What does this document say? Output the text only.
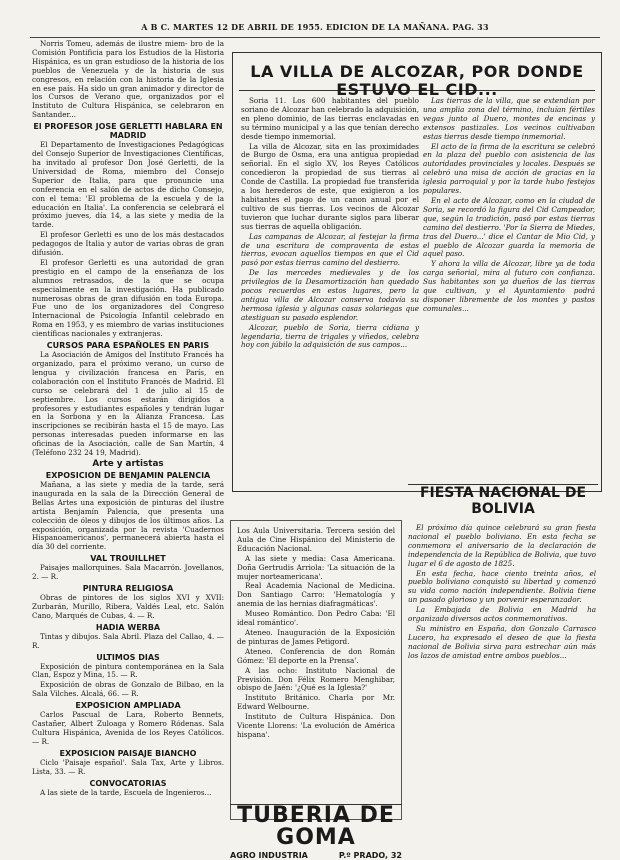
A B C. MARTES 12 DE ABRIL DE 1955. EDICION DE LA MAÑANA. PAG. 33

Norris Tomeu, además de ilustre miem- bro de la Comisión Pontificia para los Estudios de la Historia Hispánica, es un gran estudioso de la historia de los pueblos de Venezuela y de la historia de sus congresos, en relación con la historia de la Iglesia en ese país. Ha sido un gran animador y director de los Cursos de Verano que, organizados por el Instituto de Cultura Hispánica, se celebraron en Santander...

El PROFESOR JOSE GERLETTI HABLARA EN MADRID

El Departamento de Investigaciones Pedagógicas del Consejo Superior de Investigaciones Científicas, ha invitado al profesor Don José Gerletti, de la Universidad de Roma, miembro del Consejo Superior de Italia, para que pronuncie una conferencia en el salón de actos de dicho Consejo, con el tema: 'El problema de la escuela y de la educación en Italia'. La conferencia se celebrará el próximo jueves, día 14, a las siete y media de la tarde.

El profesor Gerletti es uno de los más destacados pedagogos de Italia y autor de varias obras de gran difusión.

El profesor Gerletti es una autoridad de gran prestigio en el campo de la enseñanza de los alumnos retrasados, de la que se ocupa especialmente en la investigación. Ha publicado numerosas obras de gran difusión en toda Europa. Fue uno de los organizadores del Congreso Internacional de Psicología Infantil celebrado en Roma en 1953, y es miembro de varias instituciones científicas nacionales y extranjeras.

CURSOS PARA ESPAÑOLES EN PARIS

La Asociación de Amigos del Instituto Francés ha organizado, para el próximo verano, un curso de lengua y civilización francesa en París, en colaboración con el Instituto Francés de Madrid. El curso se celebrará del 1 de julio al 15 de septiembre. Los cursos estarán dirigidos a profesores y estudiantes españoles y tendrán lugar en la Sorbona y en la Alianza Francesa. Las inscripciones se recibirán hasta el 15 de mayo. Las personas interesadas pueden informarse en las oficinas de la Asociación, calle de San Martín, 4 (Teléfono 232 24 19, Madrid).

Arte y artistas
EXPOSICION DE BENJAMIN PALENCIA

Mañana, a las siete y media de la tarde, será inaugurada en la sala de la Dirección General de Bellas Artes una exposición de pinturas del ilustre artista Benjamín Palencia, que presenta una colección de óleos y dibujos de los últimos años. La exposición, organizada por la revista 'Cuadernos Hispanoamericanos', permanecerá abierta hasta el día 30 del corriente.

VAL TROUILLHET

Paisajes mallorquines. Sala Macarrón. Jovellanos, 2. — R.

PINTURA RELIGIOSA

Obras de pintores de los siglos XVI y XVII: Zurbarán, Murillo, Ribera, Valdés Leal, etc. Salón Cano, Marqués de Cubas, 4. — R.

HADIA WERBA

Tintas y dibujos. Sala Abril. Plaza del Callao, 4. — R.

ULTIMOS DIAS

Exposición de pintura contemporánea en la Sala Clan, Espoz y Mina, 15. — R.

Exposición de obras de Gonzalo de Bilbao, en la Sala Vilches. Alcalá, 66. — R.

EXPOSICION AMPLIADA

Carlos Pascual de Lara, Roberto Bennets, Castañer, Albert Zuloaga y Romero Ródenas. Sala Cultura Hispánica, Avenida de los Reyes Católicos. — R.

EXPOSICION PAISAJE BIANCHO

Ciclo 'Paisaje español'. Sala Tax, Arte y Libros. Lista, 33. — R.

CONVOCATORIAS

A las siete de la tarde, Escuela de Ingenieros...

LA VILLA DE ALCOZAR, POR DONDE ESTUVO EL CID...

Soria 11. Los 600 habitantes del pueblo soriano de Alcozar han celebrado la adquisición, en pleno dominio, de las tierras enclavadas en su término municipal y a las que tenían derecho desde tiempo inmemorial.

La villa de Alcozar, sita en las proximidades de Burgo de Osma, era una antigua propiedad señorial. En el siglo XV, los Reyes Católicos concedieron la propiedad de sus tierras al Conde de Castilla. La propiedad fue transferida a los herederos de este, que exigieron a los habitantes el pago de un canon anual por el cultivo de sus tierras. Los vecinos de Alcozar tuvieron que luchar durante siglos para liberar sus tierras de aquella obligación.

Las campanas de Alcozar, al festejar la firma de una escritura de compraventa de estas tierras, evocan aquellos tiempos en que el Cid pasó por estas tierras camino del destierro.

De las mercedes medievales y de los privilegios de la Desamortización han quedado pocos recuerdos en estos lugares, pero la antigua villa de Alcozar conserva todavía su hermosa iglesia y algunas casas solariegas que atestiguan su pasado esplendor.

Alcozar, pueblo de Soria, tierra cidiana y legendaria, tierra de trigales y viñedos, celebra hoy con júbilo la adquisición de sus campos...

Las tierras de la villa, que se extendían por una amplia zona del término, incluían fértiles vegas junto al Duero, montes de encinas y extensos pastizales. Los vecinos cultivaban estas tierras desde tiempo inmemorial.

El acto de la firma de la escritura se celebró en la plaza del pueblo con asistencia de las autoridades provinciales y locales. Después se celebró una misa de acción de gracias en la iglesia parroquial y por la tarde hubo festejos populares.

En el acto de Alcozar, como en la ciudad de Soria, se recordó la figura del Cid Campeador, que, según la tradición, pasó por estas tierras camino del destierro. 'Por la Sierra de Miedes, tras del Duero...' dice el Cantar de Mio Cid, y el pueblo de Alcozar guarda la memoria de aquel paso.

Y ahora la villa de Alcozar, libre ya de toda carga señorial, mira al futuro con confianza. Sus habitantes son ya dueños de las tierras que cultivan, y el Ayuntamiento podrá disponer libremente de los montes y pastos comunales...

Los Aula Universitaria. Tercera sesión del Aula de Cine Hispánico del Ministerio de Educación Nacional.

A las siete y media: Casa Americana. Doña Gertrudis Arriola: 'La situación de la mujer norteamericana'.

Real Academia Nacional de Medicina. Don Santiago Carro: 'Hematología y anemia de las hernias diafragmáticas'.

Museo Romántico. Don Pedro Caba: 'El ideal romántico'.

Ateneo. Inauguración de la Exposición de pinturas de James Petigord.

Ateneo. Conferencia de don Román Gómez: 'El deporte en la Prensa'.

A las ocho: Instituto Nacional de Previsión. Don Félix Romero Menghibar, obispo de Jaén: '¿Qué es la Iglesia?'

Instituto Británico. Charla por Mr. Edward Welbourne.

Instituto de Cultura Hispánica. Don Vicente Llorens: 'La evolución de América hispana'.

FIESTA NACIONAL DE BOLIVIA

El próximo día quince celebrará su gran fiesta nacional el pueblo boliviano. En esta fecha se conmemora el aniversario de la declaración de independencia de la República de Bolivia, que tuvo lugar el 6 de agosto de 1825.

En esta fecha, hace ciento treinta años, el pueblo boliviano conquistó su libertad y comenzó su vida como nación independiente. Bolivia tiene un pasado glorioso y un porvenir esperanzador.

La Embajada de Bolivia en Madrid ha organizado diversos actos conmemorativos.

Su ministro en España, don Gonzalo Carrasco Lucero, ha expresado el deseo de que la fiesta nacional de Bolivia sirva para estrechar aún más los lazos de amistad entre ambos pueblos...

TUBERIA DE GOMA
AGRO INDUSTRIA	P.º PRADO, 32
